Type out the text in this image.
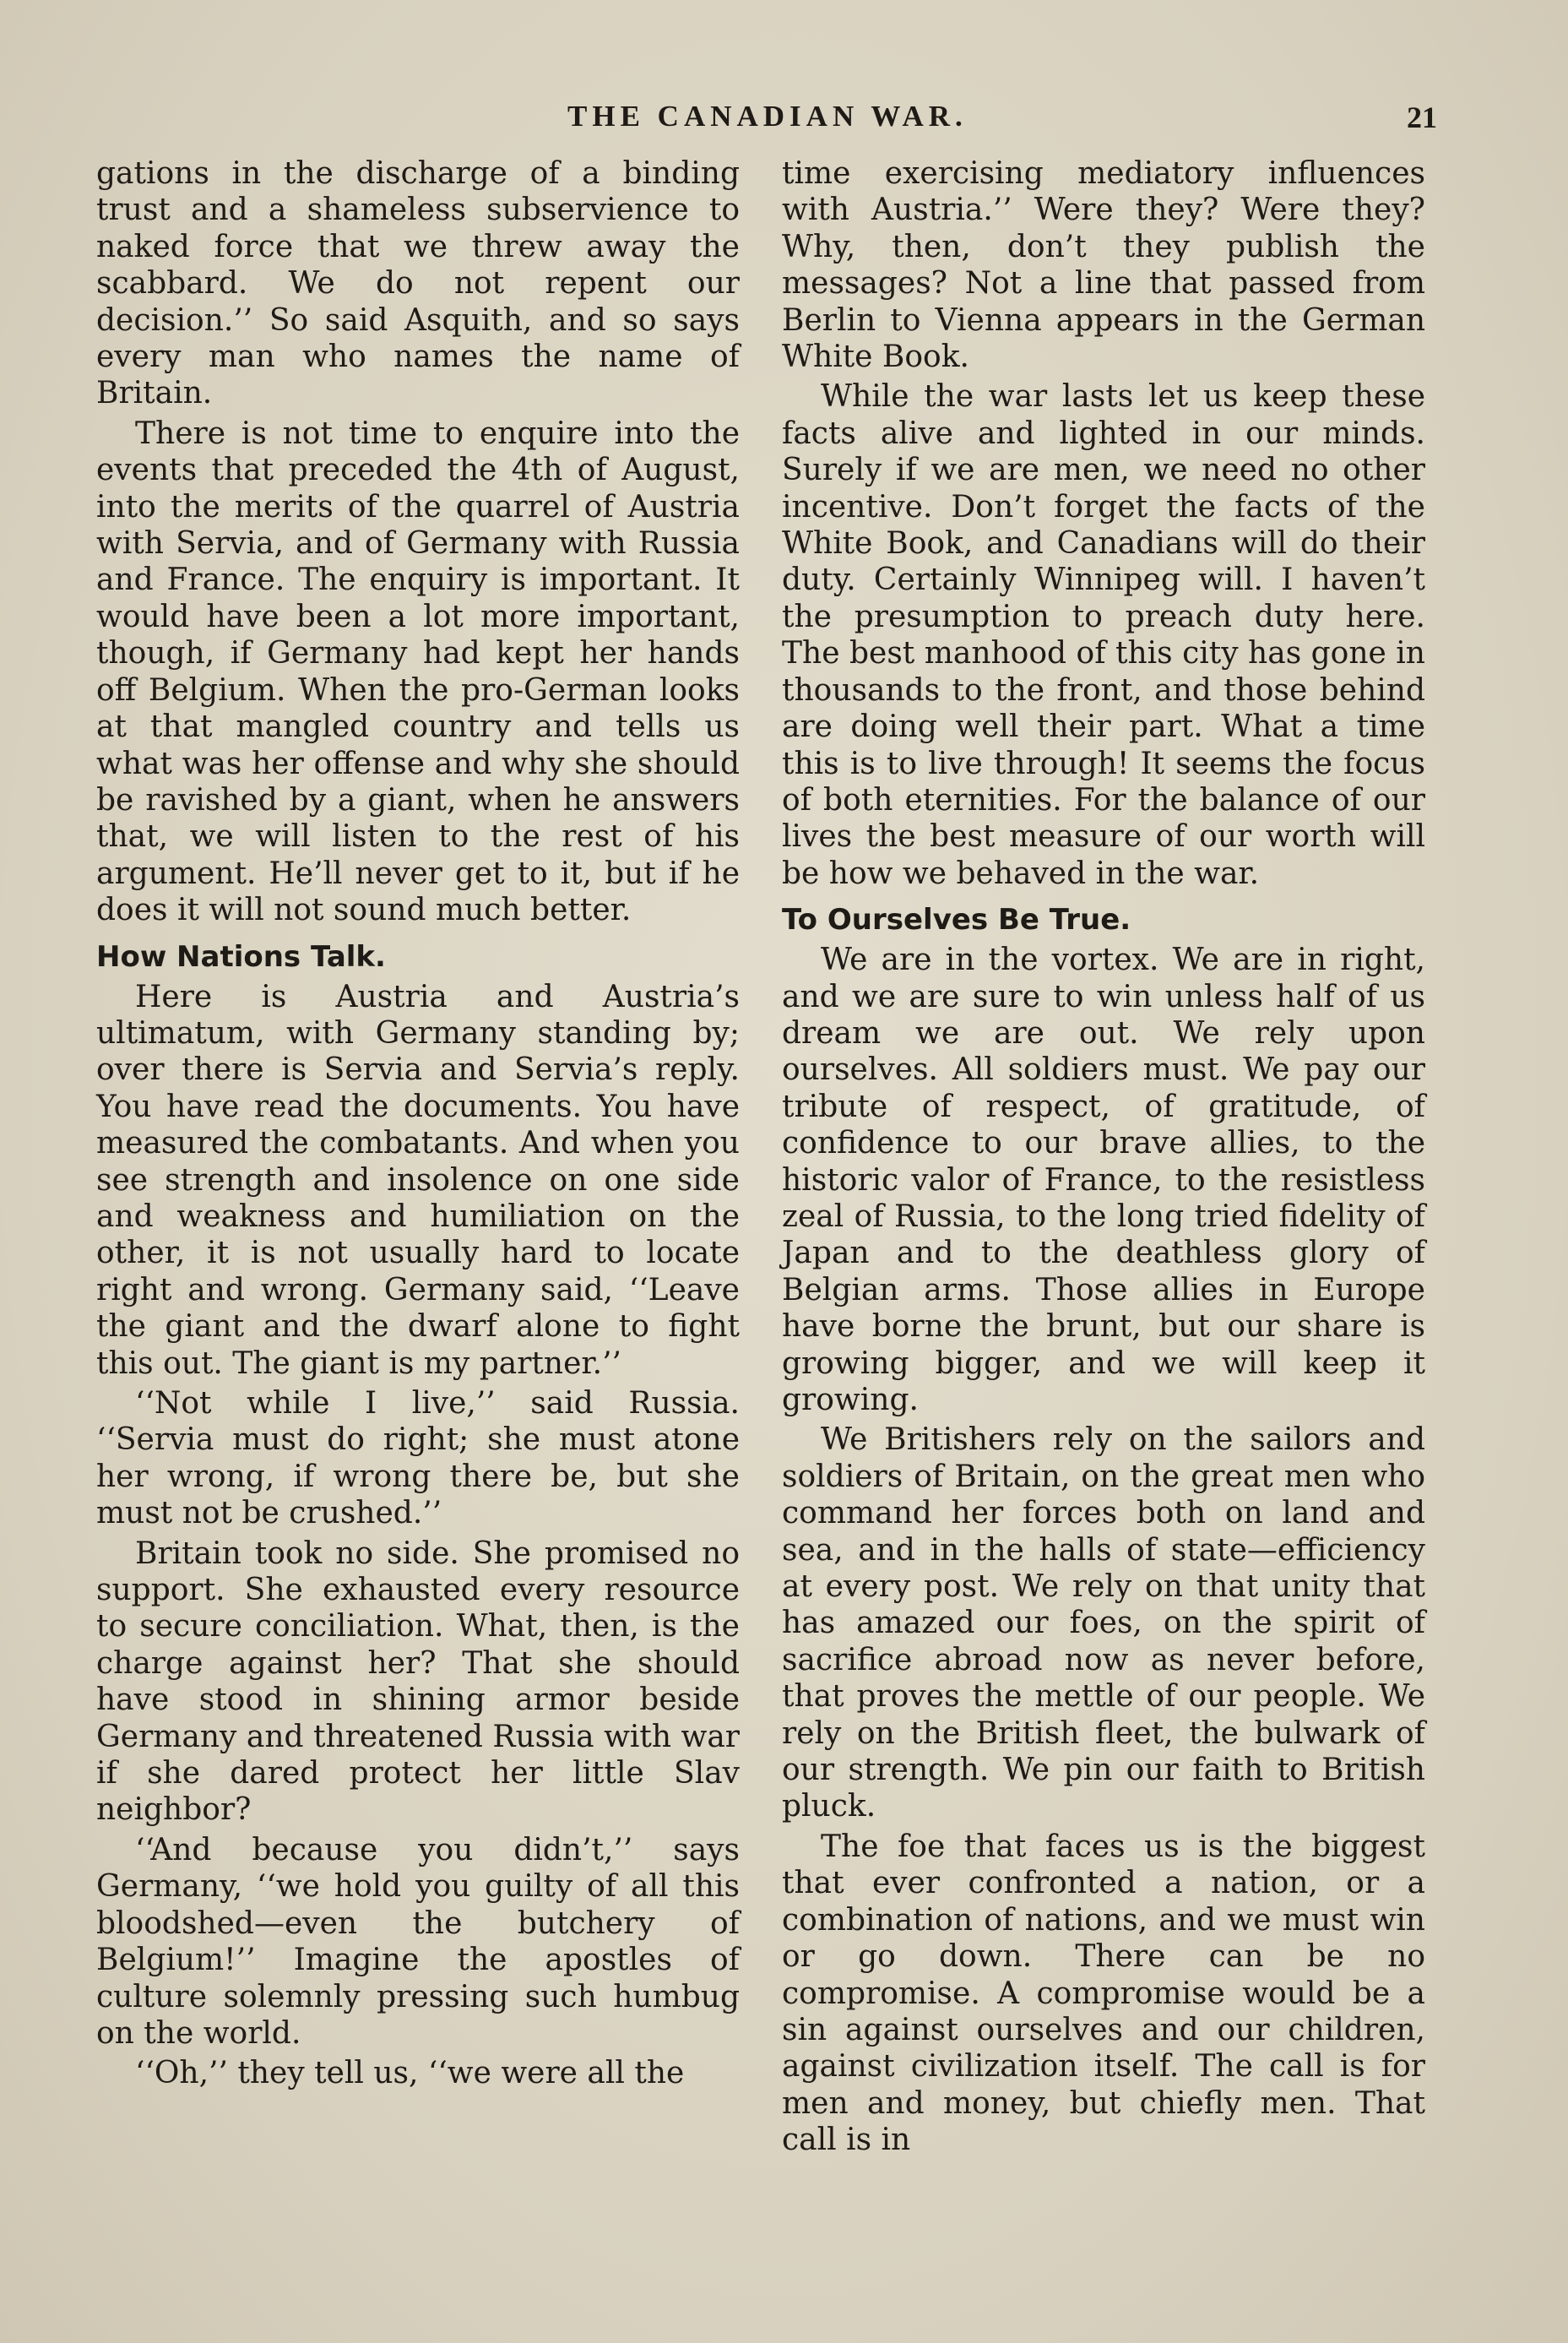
THE CANADIAN WAR.	21

gations in the discharge of a binding trust and a shameless subservience to naked force that we threw away the scabbard. We do not repent our decision.’’ So said Asquith, and so says every man who names the name of Britain.

There is not time to enquire into the events that preceded the 4th of August, into the merits of the quarrel of Austria with Servia, and of Germany with Russia and France. The enquiry is important. It would have been a lot more important, though, if Germany had kept her hands off Belgium. When the pro-German looks at that mangled country and tells us what was her offense and why she should be ravished by a giant, when he answers that, we will listen to the rest of his argument. He’ll never get to it, but if he does it will not sound much better.

How Nations Talk.

Here is Austria and Austria’s ultimatum, with Germany standing by; over there is Servia and Servia’s reply. You have read the documents. You have measured the combatants. And when you see strength and insolence on one side and weakness and humiliation on the other, it is not usually hard to locate right and wrong. Germany said, ‘‘Leave the giant and the dwarf alone to fight this out. The giant is my partner.’’

‘‘Not while I live,’’ said Russia. ‘‘Servia must do right; she must atone her wrong, if wrong there be, but she must not be crushed.’’

Britain took no side. She promised no support. She exhausted every resource to secure conciliation. What, then, is the charge against her? That she should have stood in shining armor beside Germany and threatened Russia with war if she dared protect her little Slav neighbor?

‘‘And because you didn’t,’’ says Germany, ‘‘we hold you guilty of all this bloodshed—even the butchery of Belgium!’’ Imagine the apostles of culture solemnly pressing such humbug on the world.

‘‘Oh,’’ they tell us, ‘‘we were all the

time exercising mediatory influences with Austria.’’ Were they? Were they? Why, then, don’t they publish the messages? Not a line that passed from Berlin to Vienna appears in the German White Book.

While the war lasts let us keep these facts alive and lighted in our minds. Surely if we are men, we need no other incentive. Don’t forget the facts of the White Book, and Canadians will do their duty. Certainly Winnipeg will. I haven’t the presumption to preach duty here. The best manhood of this city has gone in thousands to the front, and those behind are doing well their part. What a time this is to live through! It seems the focus of both eternities. For the balance of our lives the best measure of our worth will be how we behaved in the war.

To Ourselves Be True.

We are in the vortex. We are in right, and we are sure to win unless half of us dream we are out. We rely upon ourselves. All soldiers must. We pay our tribute of respect, of gratitude, of confidence to our brave allies, to the historic valor of France, to the resistless zeal of Russia, to the long tried fidelity of Japan and to the deathless glory of Belgian arms. Those allies in Europe have borne the brunt, but our share is growing bigger, and we will keep it growing.

We Britishers rely on the sailors and soldiers of Britain, on the great men who command her forces both on land and sea, and in the halls of state—efficiency at every post. We rely on that unity that has amazed our foes, on the spirit of sacrifice abroad now as never before, that proves the mettle of our people. We rely on the British fleet, the bulwark of our strength. We pin our faith to British pluck.

The foe that faces us is the biggest that ever confronted a nation, or a combination of nations, and we must win or go down. There can be no compromise. A compromise would be a sin against ourselves and our children, against civilization itself. The call is for men and money, but chiefly men. That call is in
